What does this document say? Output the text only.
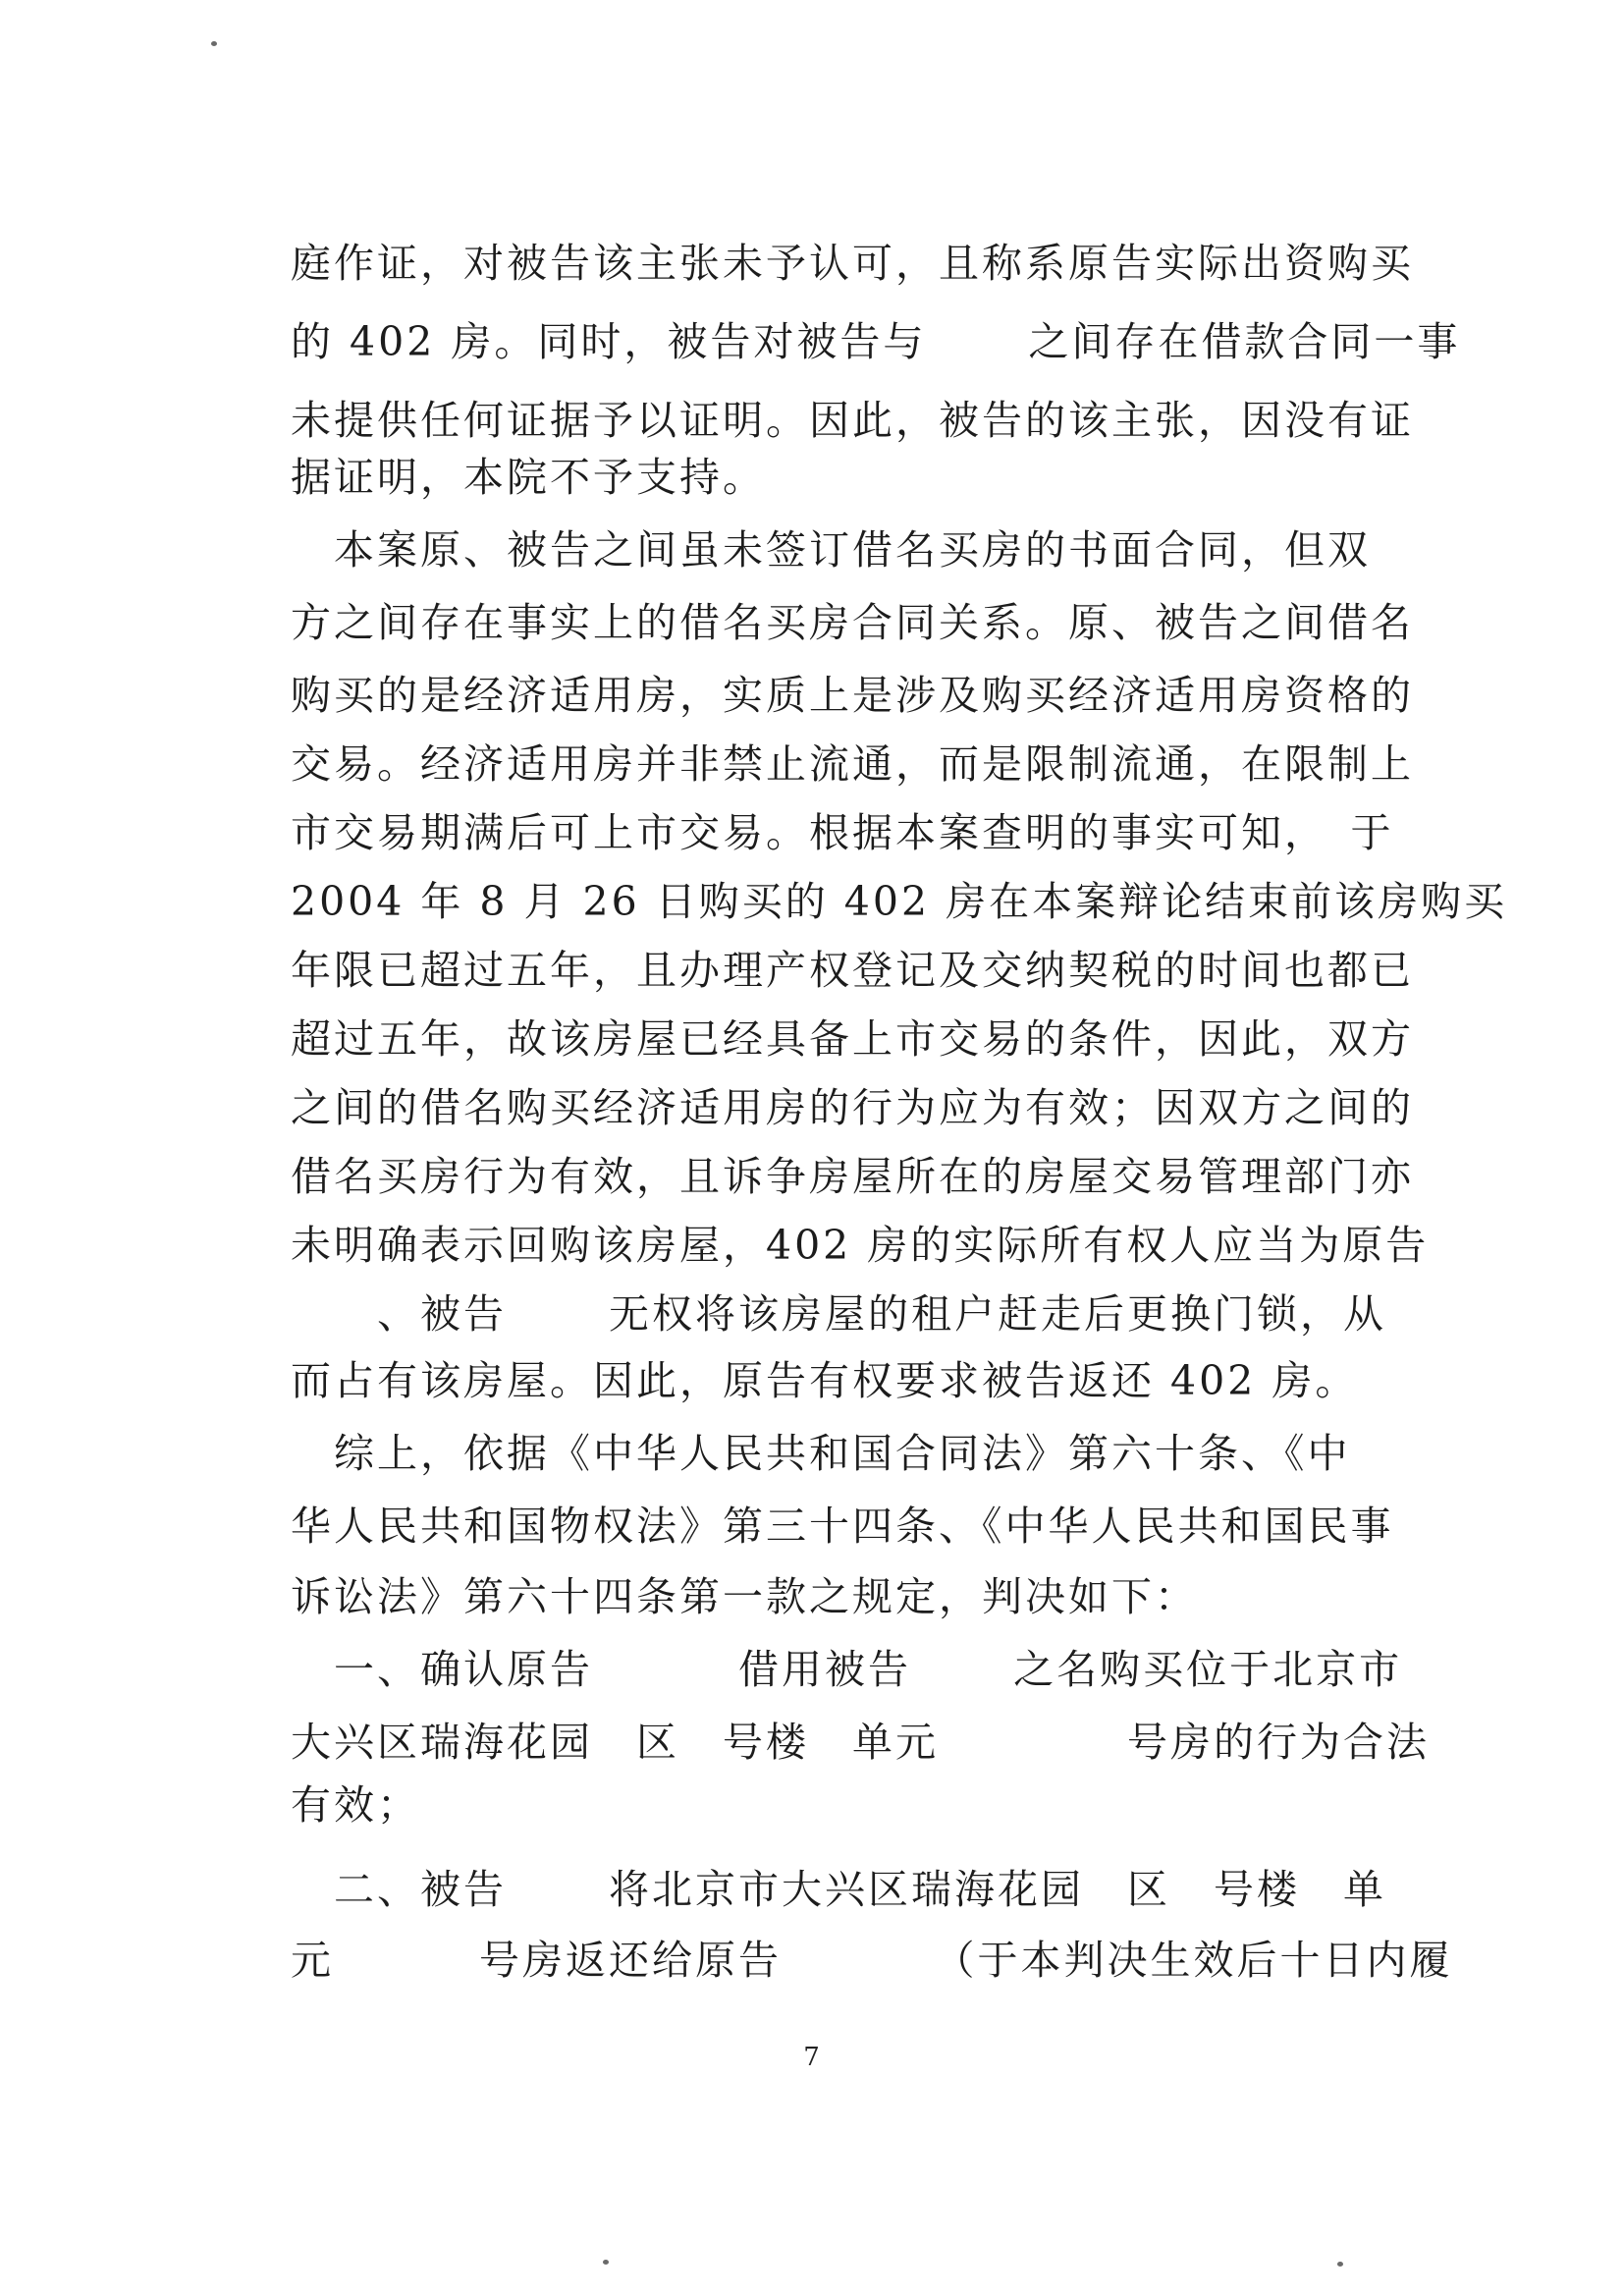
庭作证，对被告该主张未予认可，且称系原告实际出资购买
的 402 房。同时，被告对被告与　　 之间存在借款合同一事
未提供任何证据予以证明。因此，被告的该主张，因没有证
据证明，本院不予支持。
　本案原、被告之间虽未签订借名买房的书面合同，但双
方之间存在事实上的借名买房合同关系。原、被告之间借名
购买的是经济适用房，实质上是涉及购买经济适用房资格的
交易。经济适用房并非禁止流通，而是限制流通，在限制上
市交易期满后可上市交易。根据本案查明的事实可知，　于
2004 年 8 月 26 日购买的 402 房在本案辩论结束前该房购买
年限已超过五年，且办理产权登记及交纳契税的时间也都已
超过五年，故该房屋已经具备上市交易的条件，因此，双方
之间的借名购买经济适用房的行为应为有效；因双方之间的
借名买房行为有效，且诉争房屋所在的房屋交易管理部门亦
未明确表示回购该房屋，402 房的实际所有权人应当为原告
　　、被告　　 无权将该房屋的租户赶走后更换门锁，从
而占有该房屋。因此，原告有权要求被告返还 402 房。
　综上，依据《中华人民共和国合同法》第六十条、《中
华人民共和国物权法》第三十四条、《中华人民共和国民事
诉讼法》第六十四条第一款之规定，判决如下：
　一、确认原告　　　 借用被告　　 之名购买位于北京市
大兴区瑞海花园　区　号楼　单元　　　　 号房的行为合法
有效；
　二、被告　　 将北京市大兴区瑞海花园　区　号楼　单
元　　　 号房返还给原告　　　　（于本判决生效后十日内履
7
